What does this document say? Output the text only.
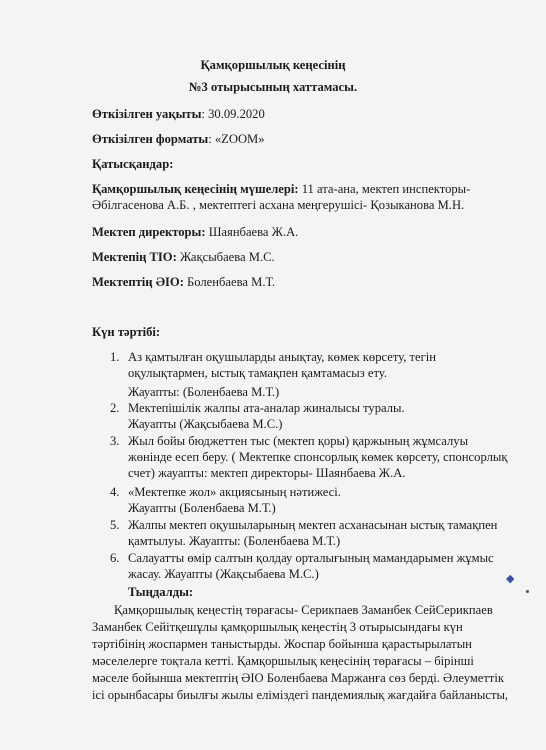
Қамқоршылық кеңесінің
№3 отырысының хаттамасы.
Өткізілген уақыты: 30.09.2020
Өткізілген форматы: «ZOOM»
Қатысқандар:
Қамқоршылық кеңесінің мүшелері: 11 ата-ана, мектеп инспекторы-
Әбілгасенова А.Б. , мектептегі асхана меңгерушісі- Қозыканова М.Н.
Мектеп директоры: Шаянбаева Ж.А.
Мектепің ТІО: Жақсыбаева М.С.
Мектептің ӘІО: Боленбаева М.Т.
Күн тәртібі:
1. Аз қамтылған оқушыларды анықтау, көмек көрсету, тегін
оқулықтармен, ыстық тамақпен қамтамасыз ету.
Жауапты: (Боленбаева М.Т.)
2. Мектепішілік жалпы ата-аналар жиналысы туралы.
Жауапты (Жақсыбаева М.С.)
3. Жыл бойы бюджеттен тыс (мектеп қоры) қаржының жұмсалуы
жөнінде есеп беру. ( Мектепке спонсорлық көмек көрсету, спонсорлық
счет) жауапты: мектеп директоры- Шаянбаева Ж.А.
4. «Мектепке жол» акциясының нәтижесі.
Жауапты (Боленбаева М.Т.)
5. Жалпы мектеп оқушыларының мектеп асханасынан ыстық тамақпен
қамтылуы. Жауапты: (Боленбаева М.Т.)
6. Салауатты өмір салтын қолдау орталығының мамандарымен жұмыс
жасау. Жауапты (Жақсыбаева М.С.)
Тыңдалды:
Қамқоршылық кеңестің төрағасы- Серикпаев Заманбек СейСерикпаев
Заманбек Сейітқешұлы қамқоршылық кеңестің 3 отырысындағы күн
тәртібінің жоспармен таныстырды. Жоспар бойынша қарастырылатын
мәселелерге тоқтала кетті. Қамқоршылық кеңесінің төрағасы – бірінші
мәселе бойынша мектептің ӘІО Боленбаева Маржанға сөз берді. Әлеуметтік
ісі орынбасары биылғы жылы еліміздегі пандемиялық жағдайға байланысты,
◆
